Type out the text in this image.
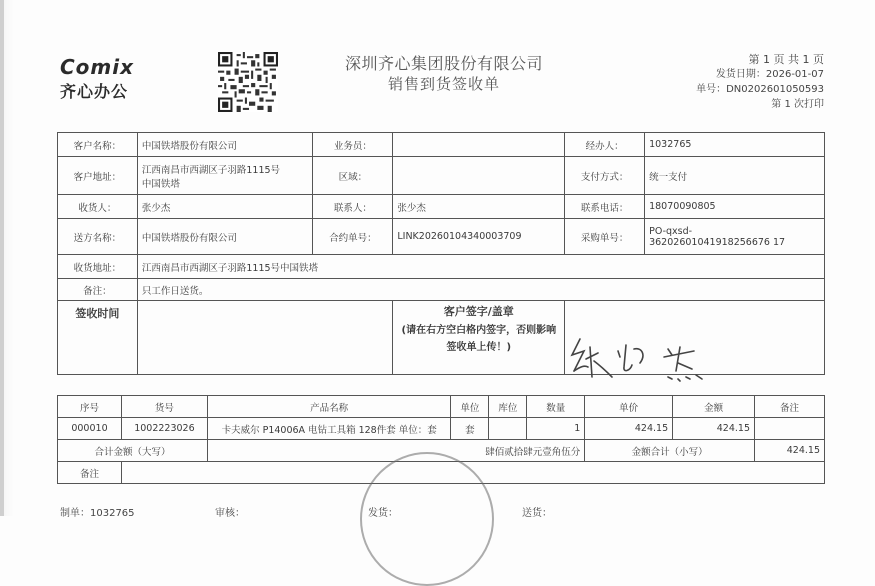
Comix
齐心办公
深圳齐心集团股份有限公司
销售到货签收单
第 1 页 共 1 页
发货日期：2026-01-07
单号：DN0202601050593
第 1 次打印
客户名称：	中国铁塔股份有限公司	业务员：		经办人：	1032765
客户地址：	江西南昌市西湖区子羽路1115号
中国铁塔	区域：		支付方式：	统一支付
收货人：	张少杰	联系人：	张少杰	联系电话：	18070090805
送方名称：	中国铁塔股份有限公司	合约单号：	LINK20260104340003709	采购单号：	PO-qxsd-
36202601041918256676 17

收货地址：	江西南昌市西湖区子羽路1115号中国铁塔				
备注：	只工作日送货。				
签收时间			客户签字/盖章
(请在右方空白格内签字，否则影响签收单上传！)		

序号	货号	产品名称	单位	库位	数量	单价	金额	备注
000010	1002223026	卡夫威尔 P14006A 电钻工具箱 128件套 单位：套	套		1	424.15	424.15	
合计金额（大写）		肆佰贰拾肆元壹角伍分				金额合计（小写）		424.15
备注								
制单：1032765	审核：	发货：	送货：
